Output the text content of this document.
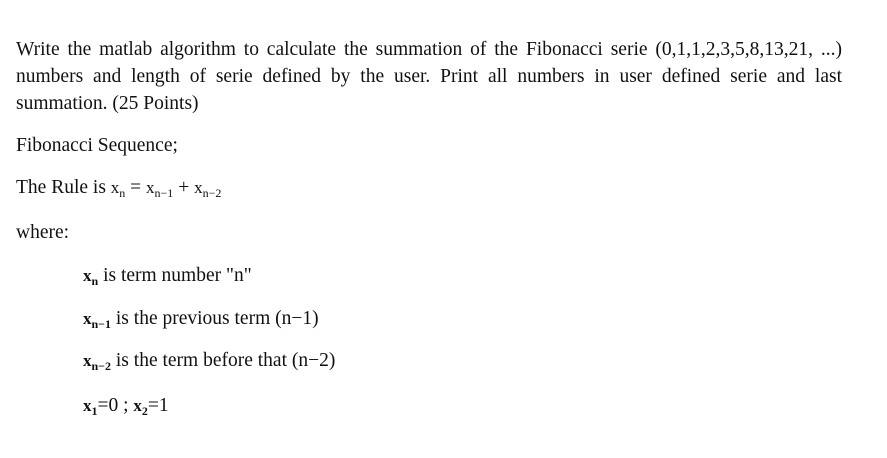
Write the matlab algorithm to calculate the summation of the Fibonacci serie (0,1,1,2,3,5,8,13,21, ...) numbers and length of serie defined by the user. Print all numbers in user defined serie and last summation. (25 Points)
Fibonacci Sequence;
The Rule is $x_n = x_{n-1} + x_{n-2}$
where:
$x_n$ is term number "n"
$x_{n-1}$ is the previous term (n−1)
$x_{n-2}$ is the term before that (n−2)
$x_1=0$ ; $x_2=1$
